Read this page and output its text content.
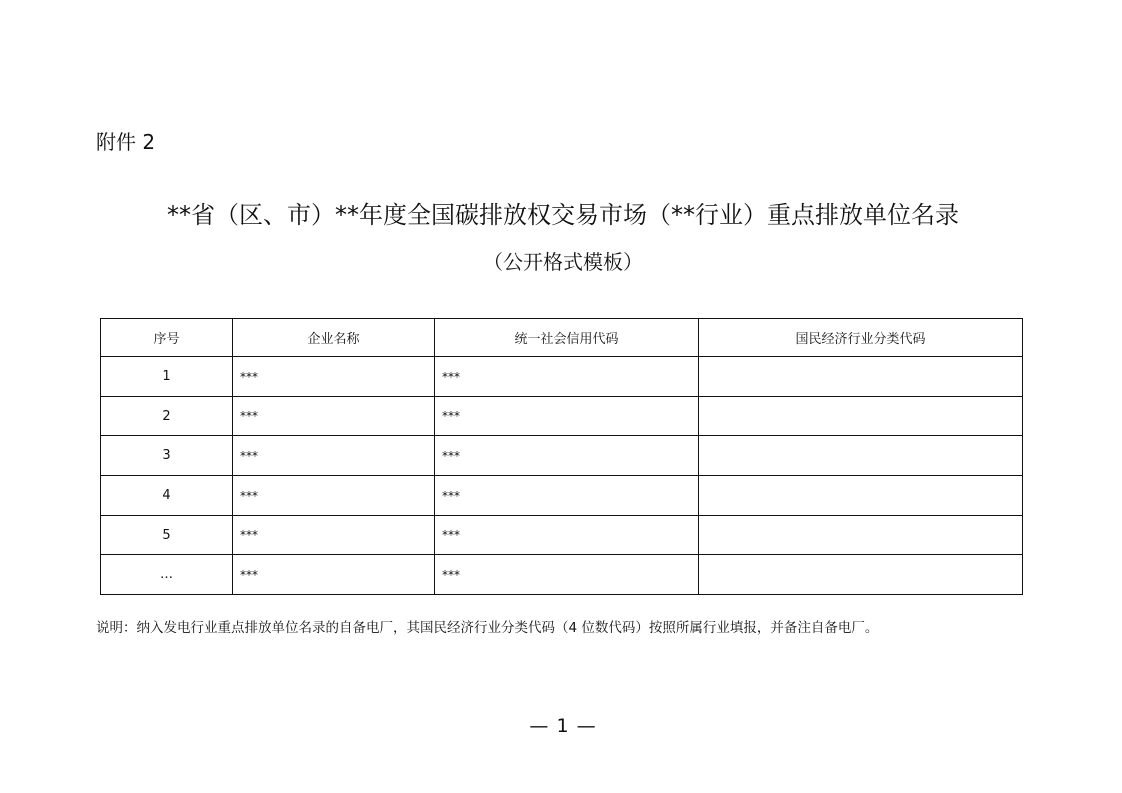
附件 2
**省（区、市）**年度全国碳排放权交易市场（**行业）重点排放单位名录
（公开格式模板）
序号	企业名称	统一社会信用代码	国民经济行业分类代码
1	***	***	
2	***	***	
3	***	***	
4	***	***	
5	***	***	
…	***	***	
说明：纳入发电行业重点排放单位名录的自备电厂，其国民经济行业分类代码（4 位数代码）按照所属行业填报，并备注自备电厂。
— 1 —
